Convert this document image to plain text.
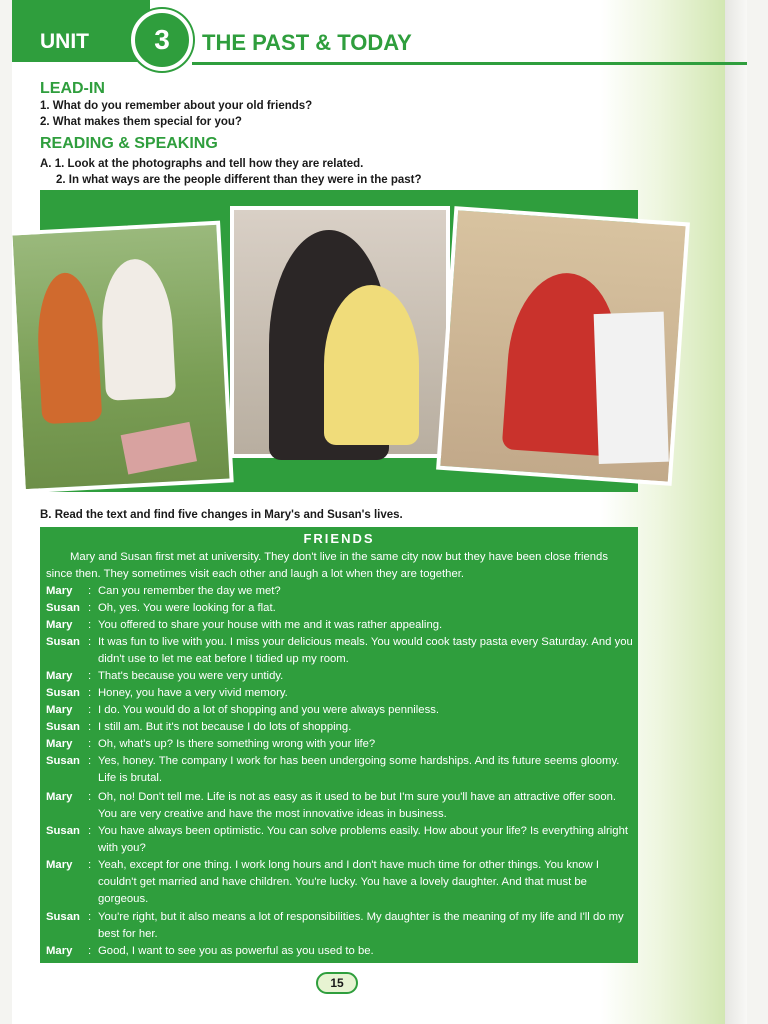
UNIT	3	THE PAST & TODAY
LEAD-IN
1. What do you remember about your old friends?
2. What makes them special for you?
READING & SPEAKING
A. 1. Look at the photographs and tell how they are related.
2. In what ways are the people different than they were in the past?
B. Read the text and find five changes in Mary's and Susan's lives.
FRIENDS
Mary and Susan first met at university. They don't live in the same city now but they have been close friends since then. They sometimes visit each other and laugh a lot when they are together.
Mary	: Can you remember the day we met?
Susan : Oh, yes. You were looking for a flat.
Mary	: You offered to share your house with me and it was rather appealing.
Susan : It was fun to live with you. I miss your delicious meals. You would cook tasty pasta every Saturday. And you didn't use to let me eat before I tidied up my room.
Mary	: That's because you were very untidy.
Susan : Honey, you have a very vivid memory.
Mary	: I do. You would do a lot of shopping and you were always penniless.
Susan : I still am. But it's not because I do lots of shopping.
Mary	: Oh, what's up? Is there something wrong with your life?
Susan : Yes, honey. The company I work for has been undergoing some hardships. And its future seems gloomy. Life is brutal.
Mary	: Oh, no! Don't tell me. Life is not as easy as it used to be but I'm sure you'll have an attractive offer soon. You are very creative and have the most innovative ideas in business.
Susan : You have always been optimistic. You can solve problems easily. How about your life? Is everything alright with you?
Mary	: Yeah, except for one thing. I work long hours and I don't have much time for other things. You know I couldn't get married and have children. You're lucky. You have a lovely daughter. And that must be gorgeous.
Susan : You're right, but it also means a lot of responsibilities. My daughter is the meaning of my life and I'll do my best for her.
Mary	: Good, I want to see you as powerful as you used to be.
15
